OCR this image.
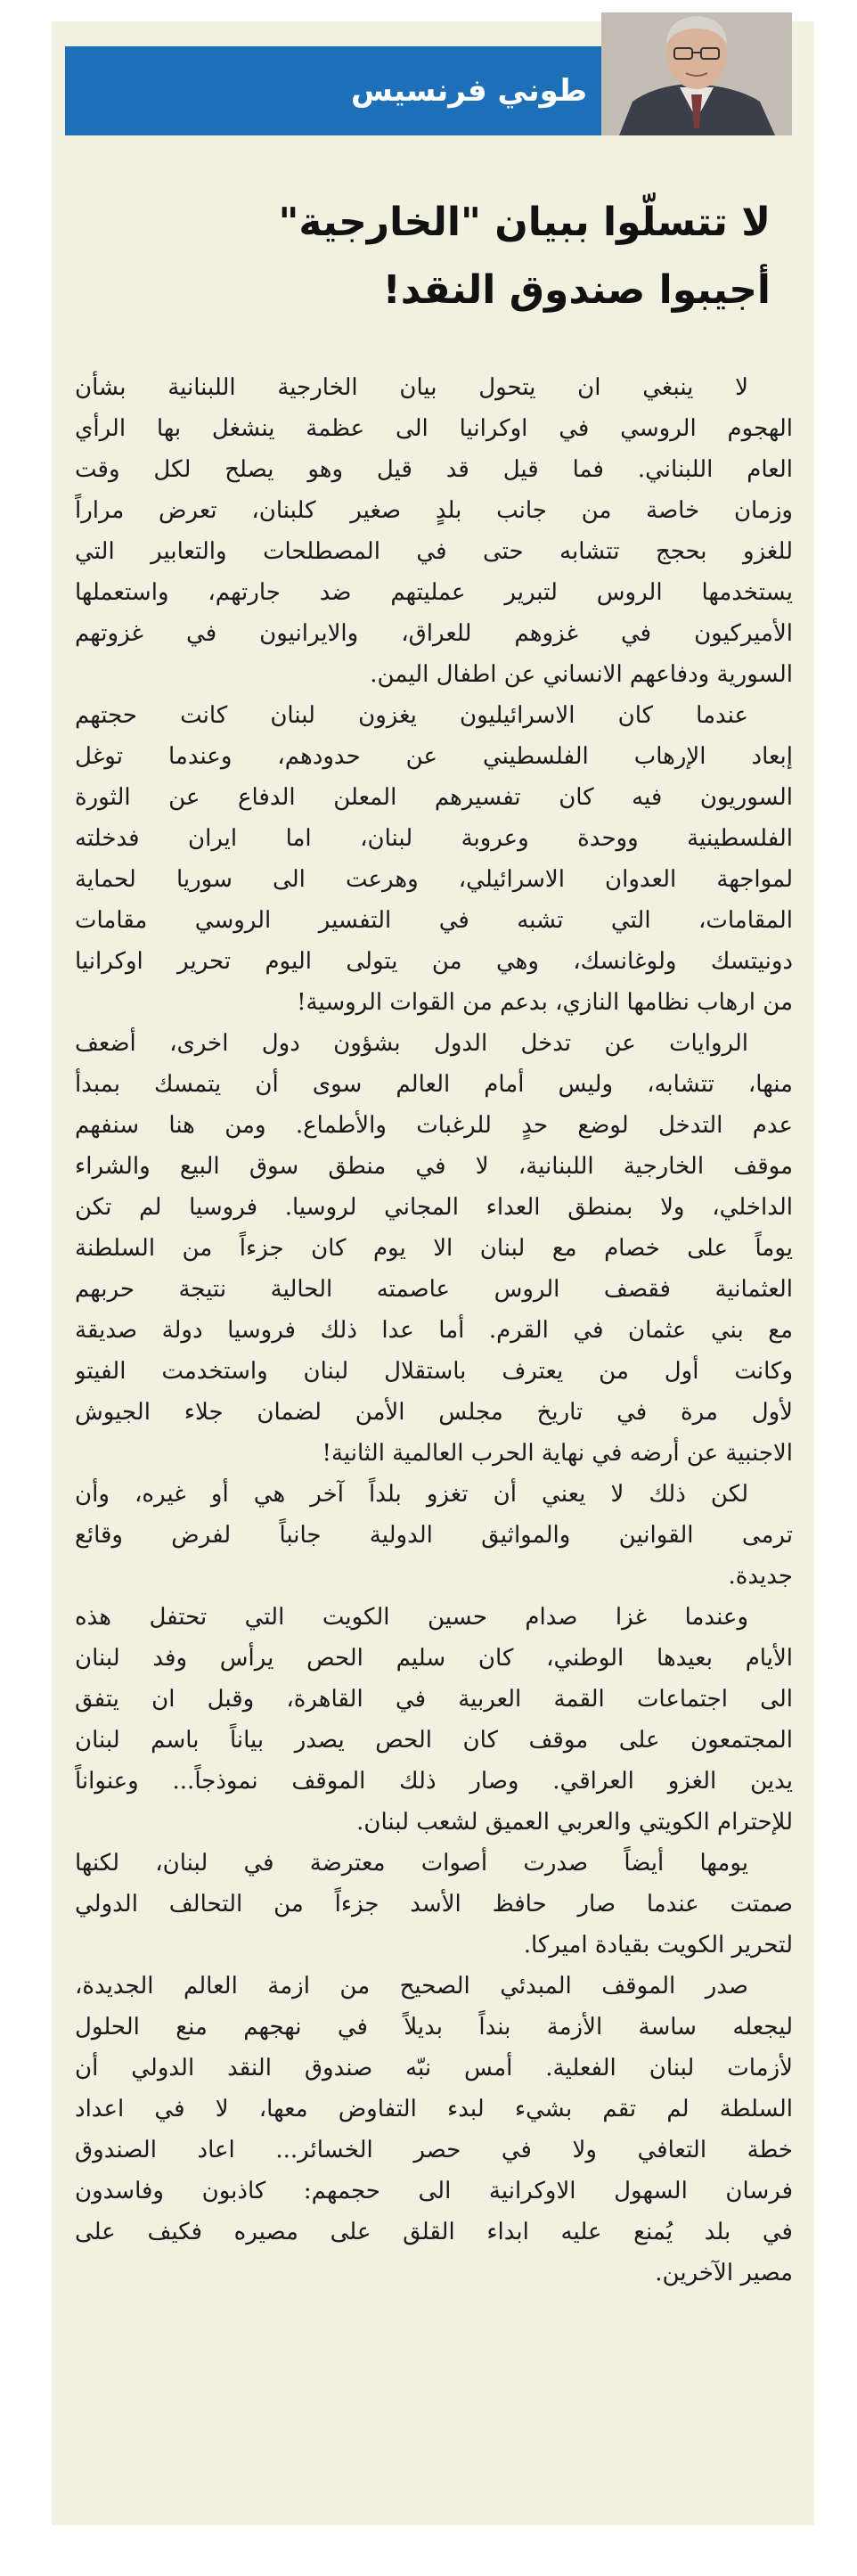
طوني فرنسيس
لا تتسلّوا ببيان "الخارجية"
أجيبوا صندوق النقد!
لا ينبغي ان يتحول بيان الخارجية اللبنانية بشأن
الهجوم الروسي في اوكرانيا الى عظمة ينشغل بها الرأي
العام اللبناني. فما قيل قد قيل وهو يصلح لكل وقت
وزمان خاصة من جانب بلدٍ صغير كلبنان، تعرض مراراً
للغزو بحجج تتشابه حتى في المصطلحات والتعابير التي
يستخدمها الروس لتبرير عمليتهم ضد جارتهم، واستعملها
الأميركيون في غزوهم للعراق، والايرانيون في غزوتهم
السورية ودفاعهم الانساني عن اطفال اليمن.
عندما كان الاسرائيليون يغزون لبنان كانت حجتهم
إبعاد الإرهاب الفلسطيني عن حدودهم، وعندما توغل
السوريون فيه كان تفسيرهم المعلن الدفاع عن الثورة
الفلسطينية ووحدة وعروبة لبنان، اما ايران فدخلته
لمواجهة العدوان الاسرائيلي، وهرعت الى سوريا لحماية
المقامات، التي تشبه في التفسير الروسي مقامات
دونيتسك ولوغانسك، وهي من يتولى اليوم تحرير اوكرانيا
من ارهاب نظامها النازي، بدعم من القوات الروسية!
الروايات عن تدخل الدول بشؤون دول اخرى، أضعف
منها، تتشابه، وليس أمام العالم سوى أن يتمسك بمبدأ
عدم التدخل لوضع حدٍ للرغبات والأطماع. ومن هنا سنفهم
موقف الخارجية اللبنانية، لا في منطق سوق البيع والشراء
الداخلي، ولا بمنطق العداء المجاني لروسيا. فروسيا لم تكن
يوماً على خصام مع لبنان الا يوم كان جزءاً من السلطنة
العثمانية فقصف الروس عاصمته الحالية نتيجة حربهم
مع بني عثمان في القرم. أما عدا ذلك فروسيا دولة صديقة
وكانت أول من يعترف باستقلال لبنان واستخدمت الفيتو
لأول مرة في تاريخ مجلس الأمن لضمان جلاء الجيوش
الاجنبية عن أرضه في نهاية الحرب العالمية الثانية!
لكن ذلك لا يعني أن تغزو بلداً آخر هي أو غيره، وأن
ترمى القوانين والمواثيق الدولية جانباً لفرض وقائع
جديدة.
وعندما غزا صدام حسين الكويت التي تحتفل هذه
الأيام بعيدها الوطني، كان سليم الحص يرأس وفد لبنان
الى اجتماعات القمة العربية في القاهرة، وقبل ان يتفق
المجتمعون على موقف كان الحص يصدر بياناً باسم لبنان
يدين الغزو العراقي. وصار ذلك الموقف نموذجاً... وعنواناً
للإحترام الكويتي والعربي العميق لشعب لبنان.
يومها أيضاً صدرت أصوات معترضة في لبنان، لكنها
صمتت عندما صار حافظ الأسد جزءاً من التحالف الدولي
لتحرير الكويت بقيادة اميركا.
صدر الموقف المبدئي الصحيح من ازمة العالم الجديدة،
ليجعله ساسة الأزمة بنداً بديلاً في نهجهم منع الحلول
لأزمات لبنان الفعلية. أمس نبّه صندوق النقد الدولي أن
السلطة لم تقم بشيء لبدء التفاوض معها، لا في اعداد
خطة التعافي ولا في حصر الخسائر... اعاد الصندوق
فرسان السهول الاوكرانية الى حجمهم: كاذبون وفاسدون
في بلد يُمنع عليه ابداء القلق على مصيره فكيف على
مصير الآخرين.
